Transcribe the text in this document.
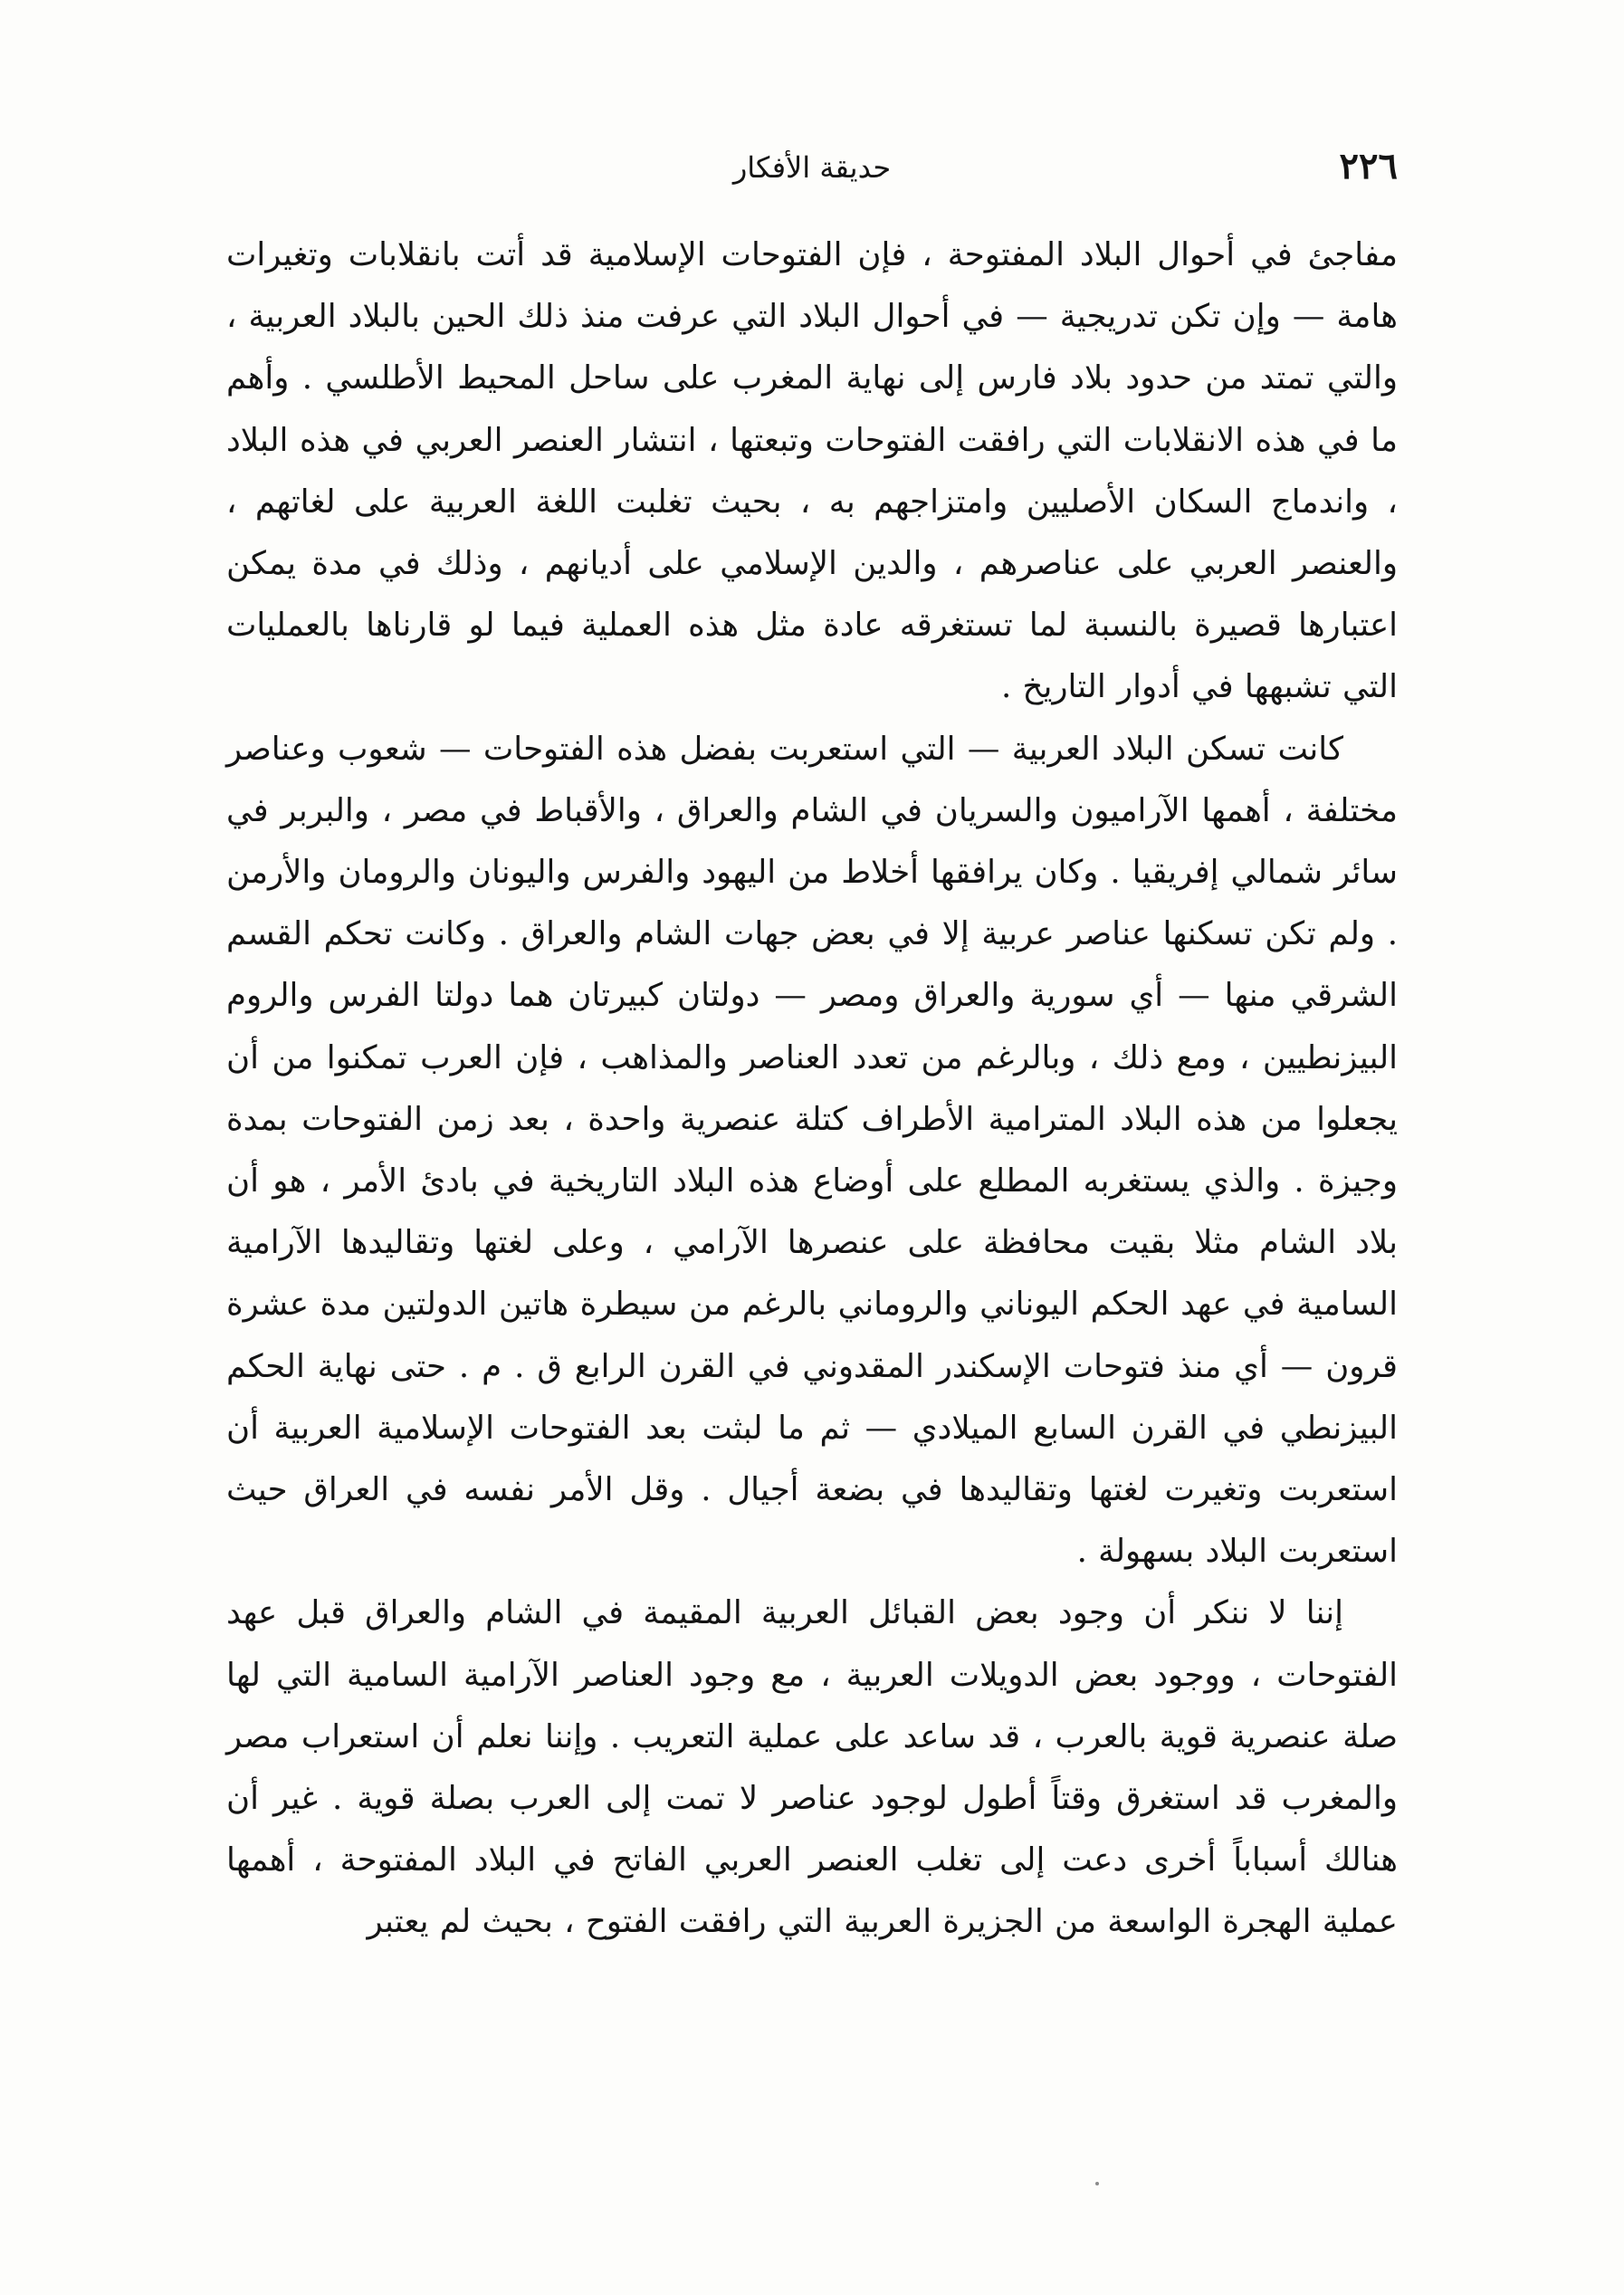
٢٢٦
حديقة الأفكار

مفاجئ في أحوال البلاد المفتوحة ، فإن الفتوحات الإسلامية قد أتت بانقلابات وتغيرات هامة — وإن تكن تدريجية — في أحوال البلاد التي عرفت منذ ذلك الحين بالبلاد العربية ، والتي تمتد من حدود بلاد فارس إلى نهاية المغرب على ساحل المحيط الأطلسي . وأهم ما في هذه الانقلابات التي رافقت الفتوحات وتبعتها ، انتشار العنصر العربي في هذه البلاد ، واندماج السكان الأصليين وامتزاجهم به ، بحيث تغلبت اللغة العربية على لغاتهم ، والعنصر العربي على عناصرهم ، والدين الإسلامي على أديانهم ، وذلك في مدة يمكن اعتبارها قصيرة بالنسبة لما تستغرقه عادة مثل هذه العملية فيما لو قارناها بالعمليات التي تشبهها في أدوار التاريخ .

كانت تسكن البلاد العربية — التي استعربت بفضل هذه الفتوحات — شعوب وعناصر مختلفة ، أهمها الآراميون والسريان في الشام والعراق ، والأقباط في مصر ، والبربر في سائر شمالي إفريقيا . وكان يرافقها أخلاط من اليهود والفرس واليونان والرومان والأرمن . ولم تكن تسكنها عناصر عربية إلا في بعض جهات الشام والعراق . وكانت تحكم القسم الشرقي منها — أي سورية والعراق ومصر — دولتان كبيرتان هما دولتا الفرس والروم البيزنطيين ، ومع ذلك ، وبالرغم من تعدد العناصر والمذاهب ، فإن العرب تمكنوا من أن يجعلوا من هذه البلاد المترامية الأطراف كتلة عنصرية واحدة ، بعد زمن الفتوحات بمدة وجيزة . والذي يستغربه المطلع على أوضاع هذه البلاد التاريخية في بادئ الأمر ، هو أن بلاد الشام مثلا بقيت محافظة على عنصرها الآرامي ، وعلى لغتها وتقاليدها الآرامية السامية في عهد الحكم اليوناني والروماني بالرغم من سيطرة هاتين الدولتين مدة عشرة قرون — أي منذ فتوحات الإسكندر المقدوني في القرن الرابع ق . م . حتى نهاية الحكم البيزنطي في القرن السابع الميلادي — ثم ما لبثت بعد الفتوحات الإسلامية العربية أن استعربت وتغيرت لغتها وتقاليدها في بضعة أجيال . وقل الأمر نفسه في العراق حيث استعربت البلاد بسهولة .

إننا لا ننكر أن وجود بعض القبائل العربية المقيمة في الشام والعراق قبل عهد الفتوحات ، ووجود بعض الدويلات العربية ، مع وجود العناصر الآرامية السامية التي لها صلة عنصرية قوية بالعرب ، قد ساعد على عملية التعريب . وإننا نعلم أن استعراب مصر والمغرب قد استغرق وقتاً أطول لوجود عناصر لا تمت إلى العرب بصلة قوية . غير أن هنالك أسباباً أخرى دعت إلى تغلب العنصر العربي الفاتح في البلاد المفتوحة ، أهمها عملية الهجرة الواسعة من الجزيرة العربية التي رافقت الفتوح ، بحيث لم يعتبر
